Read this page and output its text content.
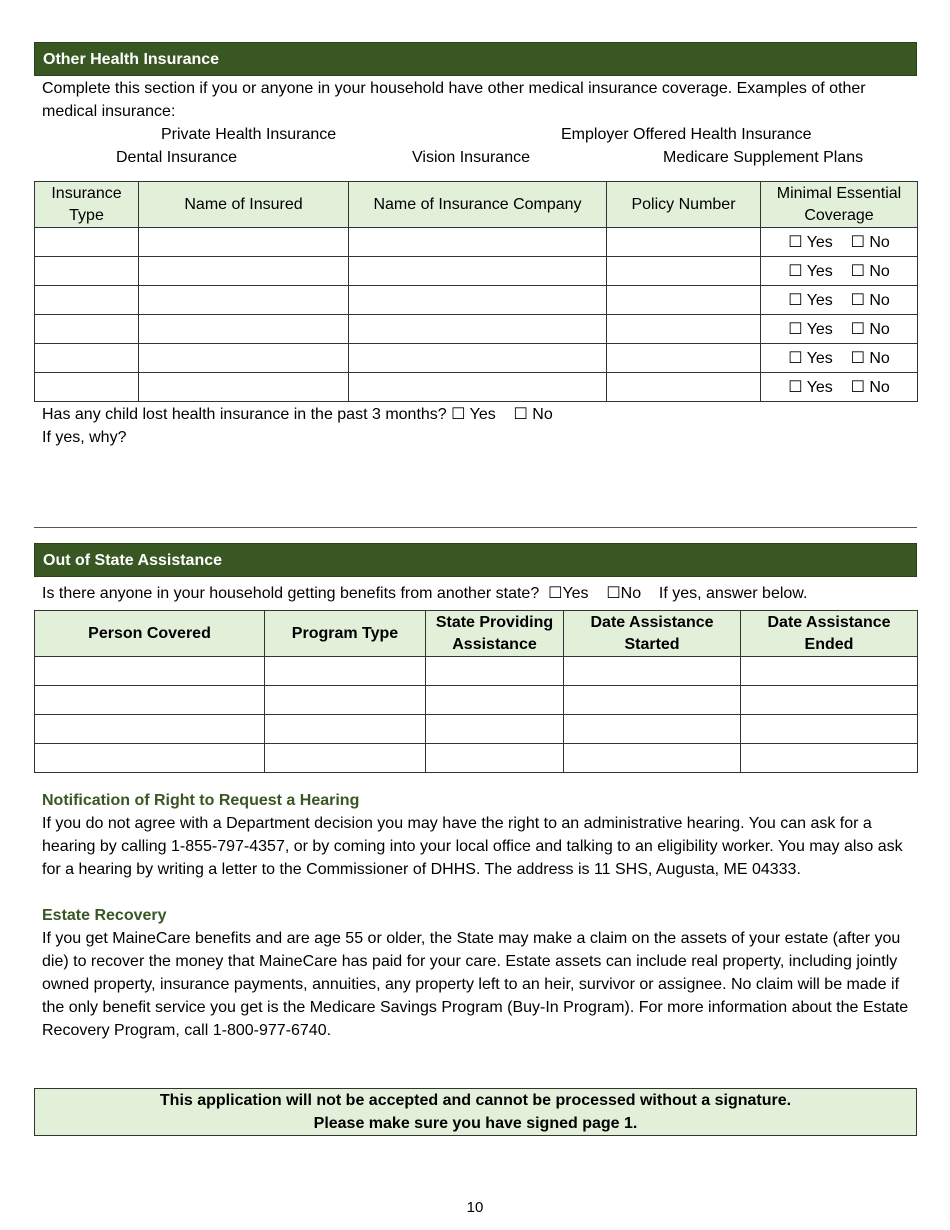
Other Health Insurance
Complete this section if you or anyone in your household have other medical insurance coverage. Examples of other medical insurance:
Private Health Insurance	Employer Offered Health Insurance
Dental Insurance	Vision Insurance	Medicare Supplement Plans
Insurance Type	Name of Insured	Name of Insurance Company	Policy Number	Minimal Essential Coverage
				☐ Yes    ☐ No
				☐ Yes    ☐ No
				☐ Yes    ☐ No
				☐ Yes    ☐ No
				☐ Yes    ☐ No
				☐ Yes    ☐ No
Has any child lost health insurance in the past 3 months? ☐ Yes    ☐ No
If yes, why?
Out of State Assistance
Is there anyone in your household getting benefits from another state?  ☐Yes    ☐No    If yes, answer below.
Person Covered	Program Type	State Providing Assistance	Date Assistance Started	Date Assistance Ended

Notification of Right to Request a Hearing
If you do not agree with a Department decision you may have the right to an administrative hearing. You can ask for a hearing by calling 1-855-797-4357, or by coming into your local office and talking to an eligibility worker. You may also ask for a hearing by writing a letter to the Commissioner of DHHS. The address is 11 SHS, Augusta, ME 04333.
Estate Recovery
If you get MaineCare benefits and are age 55 or older, the State may make a claim on the assets of your estate (after you die) to recover the money that MaineCare has paid for your care. Estate assets can include real property, including jointly owned property, insurance payments, annuities, any property left to an heir, survivor or assignee. No claim will be made if the only benefit service you get is the Medicare Savings Program (Buy-In Program). For more information about the Estate Recovery Program, call 1-800-977-6740.
This application will not be accepted and cannot be processed without a signature.
Please make sure you have signed page 1.
10
